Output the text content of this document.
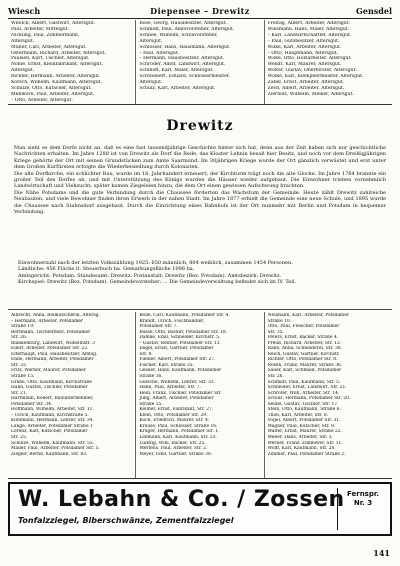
Wiesch	Diepensee – Drewitz	Gensdel
Wnofch, Albert, Gastwirt, Altersgut.
Paul, Arbeiter, Mittelgut.
Nickling, Paul, Zimmermann,
Altersgut.
Müller, Carl, Arbeiter, Altersgut.
Ostermann, Richard, Arbeiter, Altersgut.
Paulsen, Kurt, Tischler, Altersgut.
Nöhle, Ernst, Kleinfabrikant, Altersgut.
Altersgut.
Richter, Hermann, Arbeiter, Altersgut.
Korsch, Wilhelm, Kaufmann, Altersgut.
Schulze, Otto, Kutscher, Altersgut.
Mehlkorn, Paul, Arbeiter, Altersgut.
– Otto, Arbeiter, Altersgut.
Rose, Georg, Hausbesitzer, Altersgut.
Schmidt, Paul, Amtsvorsteher, Altersgut.
Schnee, Wilhelm, Schulvorsteher,
Altersgut.
Schlosser, Hans, Hausmann, Altersgut.
– Paul, Altersgut.
– Hermann, Hausbesitzer, Altersgut.
Schröder, Adolf, Landwirt, Altersgut.
Schmidt, Karl, Maler, Altersgut.
Schwiebert, Eduard, Schlossermeister,
Altersgut.
Schulz, Karl, Arbeiter, Altersgut.
Freitag, Albert, Arbeiter, Altersgut.
Wiesmann, Hans, Maler, Altersgut.
– Karl, Landwirtschaftler, Altersgut.
– Paul, Gutsbesitzer, Altersgut.
Wilke, Karl, Arbeiter, Altersgut.
– Otto, Hauptmann, Altersgut.
Wilke, Otto, Holzarbeiter, Altersgut.
Wendt, Karl, Maurer, Altersgut.
Wolter, Gustav, Oberförster, Altersgut.
Wolke, Karl, Klempnermeister, Altersgut.
Zabel, Ernst, Arbeiter, Altersgut.
Zech, Albert, Arbeiter, Altersgut.
Zierholz, Wilhelm, Melker, Altersgut.
Drewitz

Man sieht es dem Dorfe nicht an, daß es eine fast tausendjährige Geschichte hinter sich hat, denn aus der Zeit haben sich nur geschichtliche Nachrichten erhalten. Im Jahre 1288 ist von Drewitz als Dorf die Rede, das Kloster Lehnin besaß hier Besitz, und noch vor dem Dreißigjährigen Kriege gehörte der Ort mit seinen Grundstücken zum Amte Saarmund. Im 30jährigen Kriege wurde der Ort gänzlich verwüstet und erst unter dem Großen Kurfürsten erfolgte die Wiederbesiedlung durch Kolonisten.

Die alte Dorfkirche, ein schlichter Bau, wurde im 18. Jahrhundert erneuert; der Kirchturm trägt noch die alte Glocke. Im Jahre 1764 brannte ein großer Teil des Dorfes ab, und mit Unterstützung des Königs wurden die Häuser wieder aufgebaut. Die Einwohner trieben vornehmlich Landwirtschaft und Viehzucht; später kamen Ziegeleien hinzu, die dem Ort einen gewissen Aufschwung brachten.

Die Nähe Potsdams und die gute Verbindung durch die Chaussee förderten das Wachstum der Gemeinde. Heute zählt Drewitz zahlreiche Neubauten, und viele Bewohner finden ihren Erwerb in der nahen Stadt. Im Jahre 1877 erhielt die Gemeinde eine neue Schule, und 1895 wurde die Chaussee nach Stahnsdorf ausgebaut. Durch die Einrichtung eines Bahnhofs ist der Ort nunmehr mit Berlin und Potsdam in bequemer Verbindung.

Einwohnerzahl nach der letzten Volkszählung 1925: 650 männlich, 804 weiblich, zusammen 1454 Personen. Ländliche: 456 Fläche lt. Steuerbuch ha. Gemarkungsfläche 1096 ha.

Amtsgericht: Potsdam. Standesamt: Drewitz. Postanstalt: Drewitz (Bez. Potsdam). Amtsbezirk: Drewitz.

Kirchspiel: Drewitz (Bez. Potsdam). Gemeindevorsteher: ... Die Gemeindeverwaltung befindet sich im IV. Teil.

Albrecht, Anna, Rollkutscherin, Altersg.
– Hermann, Arbeiter, Potsdamer
Straße 19.
Bertmann, Tischlermstr, Potsdamer
Str. 26.
Blankenburg, Landwirt, Wilhelmstr. 3
Eilert, Arbeiter, Potsdamer Str. 22.
Elterhaupt, Paul, Hausbesitzer, Amtsg.
Ende, Hermann, Arbeiter, Potsdamer
Str. 32.
Fritz, Werner, Maurer, Potsdamer
Straße 15.
Grabe, Otto, Kaufmann, Kirchstraße
Hahn, Gustav, Tischler, Potsdamer
Str. 21.
Hartmann, Robert, Bauunternehmer,
Potsdamer Str. 34.
Hoffmann, Wilhelm, Arbeiter, Str. 11.
– Ulrich, Kaufmann, Kirchstraße 5.
Kuhlmann, Hermann, Lehrer, Str. 34.
Lange, Arbeiter, Potsdamer Straße 1
Lorenz, Karl, Kutscher, Potsdamer
Str. 25.
Schulze, Wilhelm, Kaufmann, Str. 55.
Mäder, Paul, Arbeiter, Potsdamer Str. 5.
Ziegler, Bernd, Kaufmann, Str. 83.
Bolle, Carl, Kaufmann, Potsdamer Str. 4.
Brandt, Ulrich, Fischhändler,
Potsdamer Str. 7.
Busse, Otto, Bäcker, Potsdamer Str. 18.
Dahlke, Emil, Schneider, Kirchstr. 5.
– Gustav, Rentier, Potsdamer Str. 13.
Engel, Ernst, Gärtner, Potsdamer
Str. 9.
Fiedler, Albert, Potsdamer Str. 27.
Fischer, Karl, Straße 35.
Geisler, Hans, Kaufmann, Potsdamer
Straße 16.
Gutsche, Wilhelm, Lehrer, Str. 33.
Hahn, Paul, Arbeiter, Str. 7.
Hein, Franz, Tischler, Potsdamer Str.
Jung, Albert, Arbeiter, Potsdamer
Straße 35.
Kellner, Ernst, Fabrikant, Str. 27.
Klein, Otto, Potsdamer Str. 29.
Koch, Friedrich, Maurer, Str. 4.
Krause, Paul, Schlosser, Straße 16.
Krüger, Hermann, Potsdamer Str. 1.
Lehmann, Karl, Kaufmann, Str. 23.
Ludwig, Willi, Bäcker, Str. 25.
Mertens, Paul, Arbeiter, Str. 2.
Meyer, Emil, Gärtner, Straße 30.
Neumann, Karl, Arbeiter, Potsdamer
Straße 10.
Otto, Paul, Fleischer, Potsdamer
Str. 35.
Peters, Ernst, Bäcker, Straße 4.
Preuß, Richard, Arbeiter, Str. 12.
Rabe, Anna, Schneiderin, Str. 38.
Reich, Gustav, Gärtner, Kirchstr.
Richter, Otto, Potsdamer Str. 8.
Rosen, Franz, Maurer, Straße 36.
Sauer, Karl, Schmied, Potsdamer
Str. 26.
Schmidt, Paul, Kaufmann, Str. 5.
Schneider, Ernst, Landwirt, Str. 21.
Schröter, Willi, Arbeiter, Str. 14.
Schulz, Hermann, Potsdamer Str. 20.
Seidel, Gustav, Tischler, Str. 17.
Stein, Otto, Kaufmann, Straße 6.
Thiel, Karl, Arbeiter, Str. 8.
Vogel, Albert, Potsdamer Str. 31.
Wagner, Paul, Kutscher, Str. 9.
Walter, Ernst, Maurer, Straße 22.
Weber, Hans, Arbeiter, Str. 3.
Werner, Franz, Zimmerer, Str. 11.
Wolff, Karl, Kaufmann, Str. 28.
Zimmer, Paul, Potsdamer Straße 2.
W. Lebahn & Co. / Zossen
Tonfalzziegel, Biberschwänze, Zementfalzziegel
Fernspr.
Nr. 3
141
